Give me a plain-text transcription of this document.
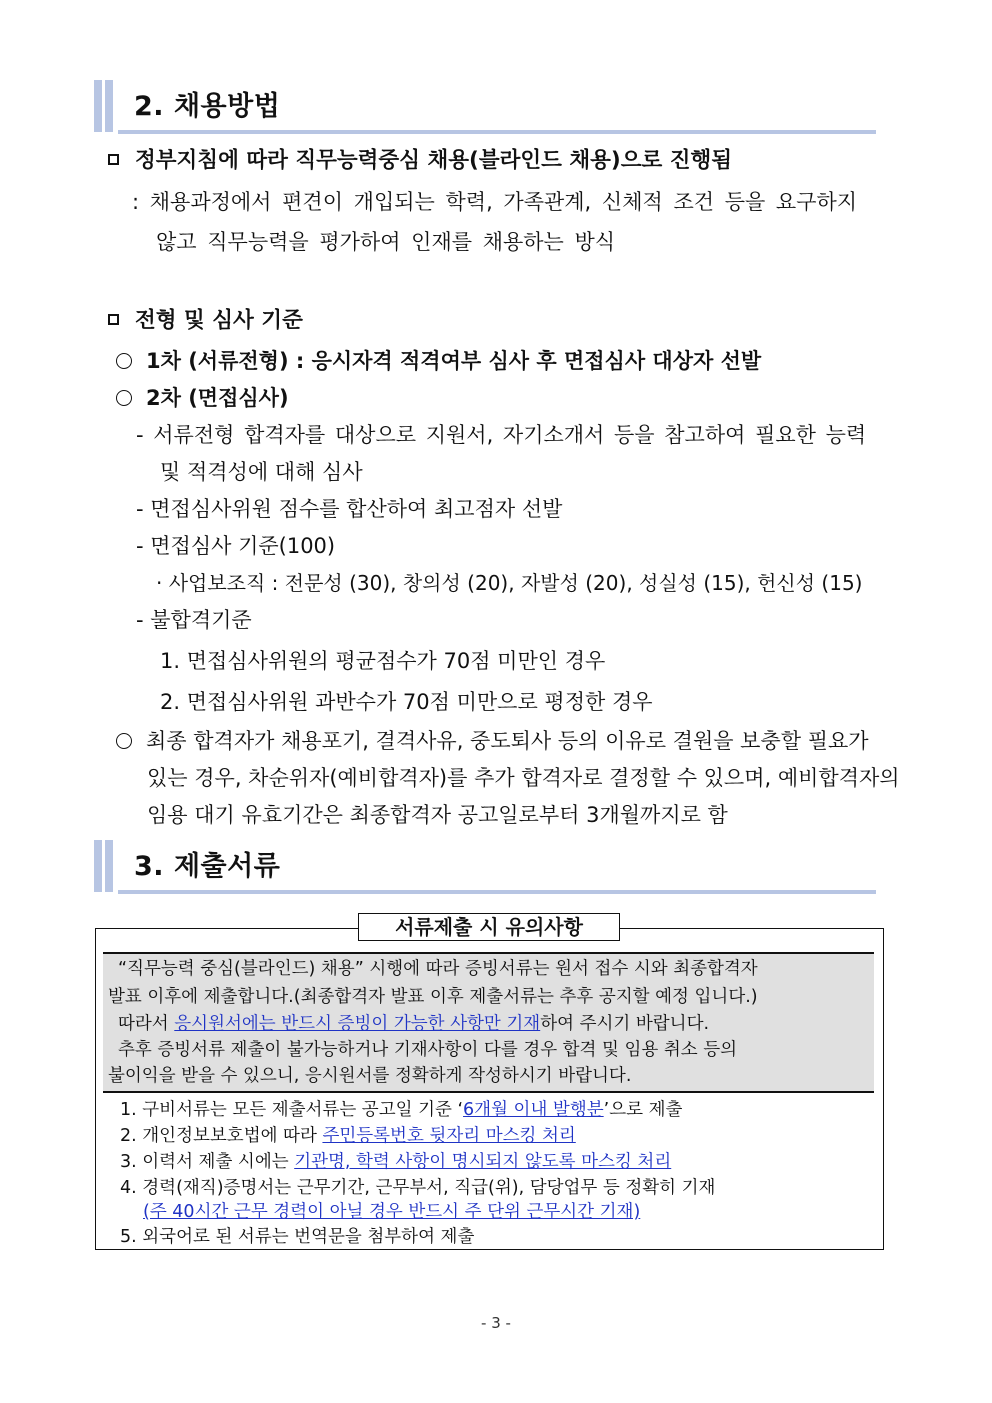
2. 채용방법
정부지침에 따라 직무능력중심 채용(블라인드 채용)으로 진행됨
: 채용과정에서 편견이 개입되는 학력, 가족관계, 신체적 조건 등을 요구하지
않고 직무능력을 평가하여 인재를 채용하는 방식
전형 및 심사 기준
1차 (서류전형) : 응시자격 적격여부 심사 후 면접심사 대상자 선발
2차 (면접심사)
- 서류전형 합격자를 대상으로 지원서, 자기소개서 등을 참고하여 필요한 능력
및 적격성에 대해 심사
- 면접심사위원 점수를 합산하여 최고점자 선발
- 면접심사 기준(100)
· 사업보조직 : 전문성 (30), 창의성 (20), 자발성 (20), 성실성 (15), 헌신성 (15)
- 불합격기준
1. 면접심사위원의 평균점수가 70점 미만인 경우
2. 면접심사위원 과반수가 70점 미만으로 평정한 경우
최종 합격자가 채용포기, 결격사유, 중도퇴사 등의 이유로 결원을 보충할 필요가
있는 경우, 차순위자(예비합격자)를 추가 합격자로 결정할 수 있으며, 예비합격자의
임용 대기 유효기간은 최종합격자 공고일로부터 3개월까지로 함
3. 제출서류
서류제출 시 유의사항
“직무능력 중심(블라인드) 채용” 시행에 따라 증빙서류는 원서 접수 시와 최종합격자
발표 이후에 제출합니다.(최종합격자 발표 이후 제출서류는 추후 공지할 예정 입니다.)
따라서 응시원서에는 반드시 증빙이 가능한 사항만 기재하여 주시기 바랍니다.
추후 증빙서류 제출이 불가능하거나 기재사항이 다를 경우 합격 및 임용 취소 등의
불이익을 받을 수 있으니, 응시원서를 정확하게 작성하시기 바랍니다.
1. 구비서류는 모든 제출서류는 공고일 기준 ‘6개월 이내 발행분’으로 제출
2. 개인정보보호법에 따라 주민등록번호 뒷자리 마스킹 처리
3. 이력서 제출 시에는 기관명, 학력 사항이 명시되지 않도록 마스킹 처리
4. 경력(재직)증명서는 근무기간, 근무부서, 직급(위), 담당업무 등 정확히 기재
(주 40시간 근무 경력이 아닐 경우 반드시 주 단위 근무시간 기재)
5. 외국어로 된 서류는 번역문을 첨부하여 제출
- 3 -
